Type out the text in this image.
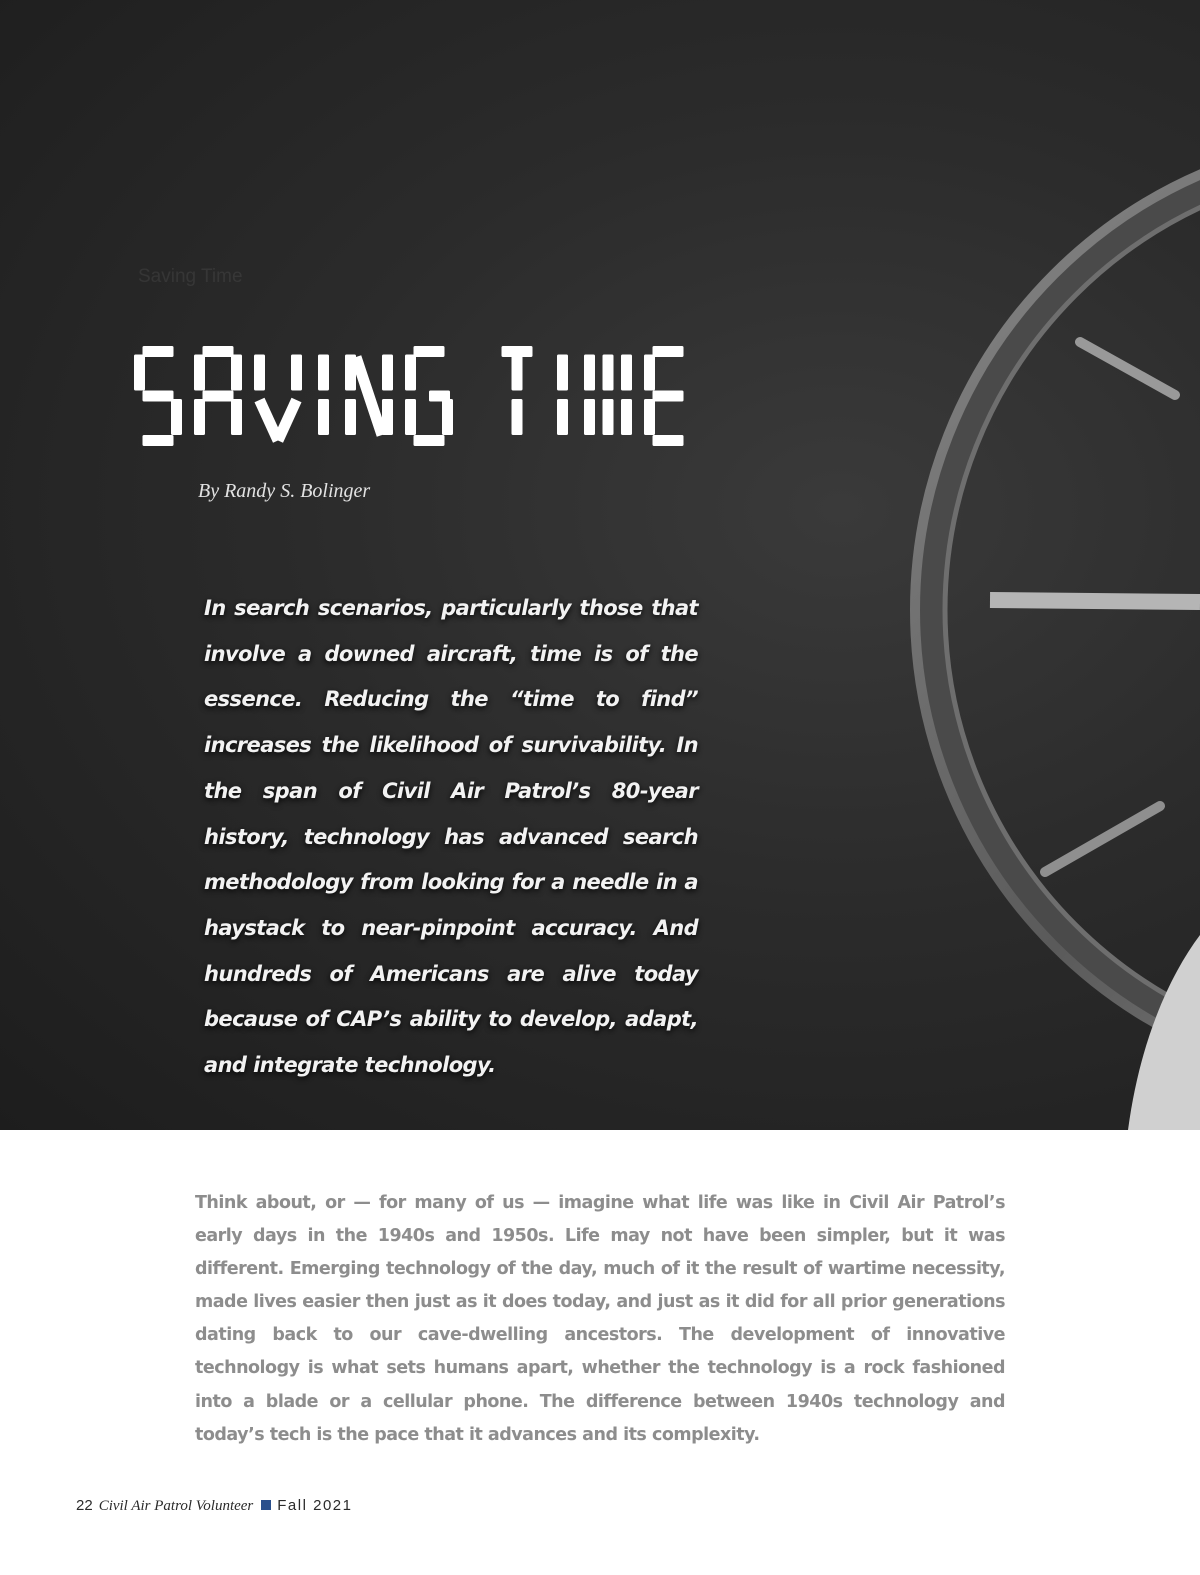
Saving Time
By Randy S. Bolinger

In search scenarios, particularly those that involve a downed aircraft, time is of the essence. Reducing the “time to find” increases the likelihood of survivability. In the span of Civil Air Patrol’s 80-year history, technology has advanced search methodology from looking for a needle in a haystack to near-pinpoint accuracy. And hundreds of Americans are alive today because of CAP’s ability to develop, adapt, and integrate technology.

Think about, or — for many of us — imagine what life was like in Civil Air Patrol’s early days in the 1940s and 1950s. Life may not have been simpler, but it was different. Emerging technology of the day, much of it the result of wartime necessity, made lives easier then just as it does today, and just as it did for all prior generations dating back to our cave-dwelling ancestors. The development of innovative technology is what sets humans apart, whether the technology is a rock fashioned into a blade or a cellular phone. The difference between 1940s technology and today’s tech is the pace that it advances and its complexity.

22 Civil Air Patrol Volunteer Fall 2021
